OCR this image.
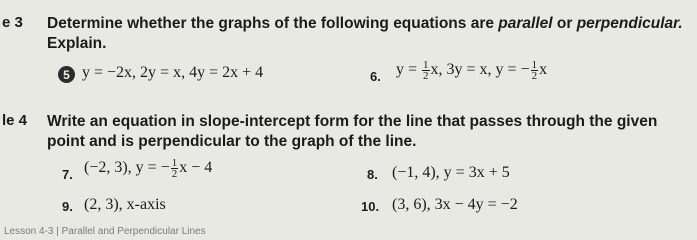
e 3 Determine whether the graphs of the following equations are parallel or perpendicular.
Explain.
5 y = −2x, 2y = x, 4y = 2x + 4	6. $y = \frac{1}{2} x$, 3y = x, y = − $\frac{1}{2}$ x
le 4 Write an equation in slope-intercept form for the line that passes through the given
point and is perpendicular to the graph of the line.
7. (−2, 3), y = − $\frac{1}{2}$ x − 4	8. (−1, 4), y = 3x + 5
9. (2, 3), x-axis	10. (3, 6), 3x − 4y = −2
Lesson 4-3 | Parallel and Perpendicular Lines
